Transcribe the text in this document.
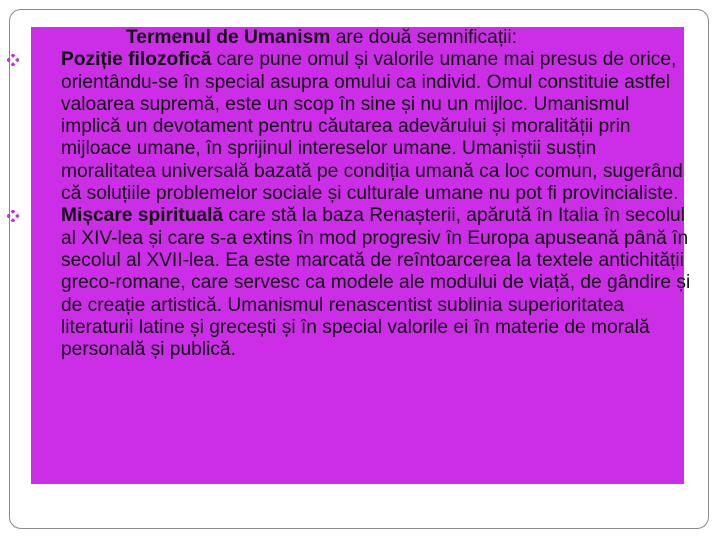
Termenul de Umanism are două semnificații:
Poziție filozofică care pune omul și valorile umane mai presus de orice, orientându-se în special asupra omului ca individ. Omul constituie astfel valoarea supremă, este un scop în sine și nu un mijloc. Umanismul implică un devotament pentru căutarea adevărului și moralității prin mijloace umane, în sprijinul intereselor umane. Umaniștii susțin moralitatea universală bazată pe condiția umană ca loc comun, sugerând că soluțiile problemelor sociale și culturale umane nu pot fi provincialiste.
Mișcare spirituală care stă la baza Renașterii, apărută în Italia în secolul al XIV-lea și care s-a extins în mod progresiv în Europa apuseană până în secolul al XVII-lea. Ea este marcată de reîntoarcerea la textele antichității greco-romane, care servesc ca modele ale modului de viață, de gândire și de creație artistică. Umanismul renascentist sublinia superioritatea literaturii latine și grecești și în special valorile ei în materie de morală personală și publică.
